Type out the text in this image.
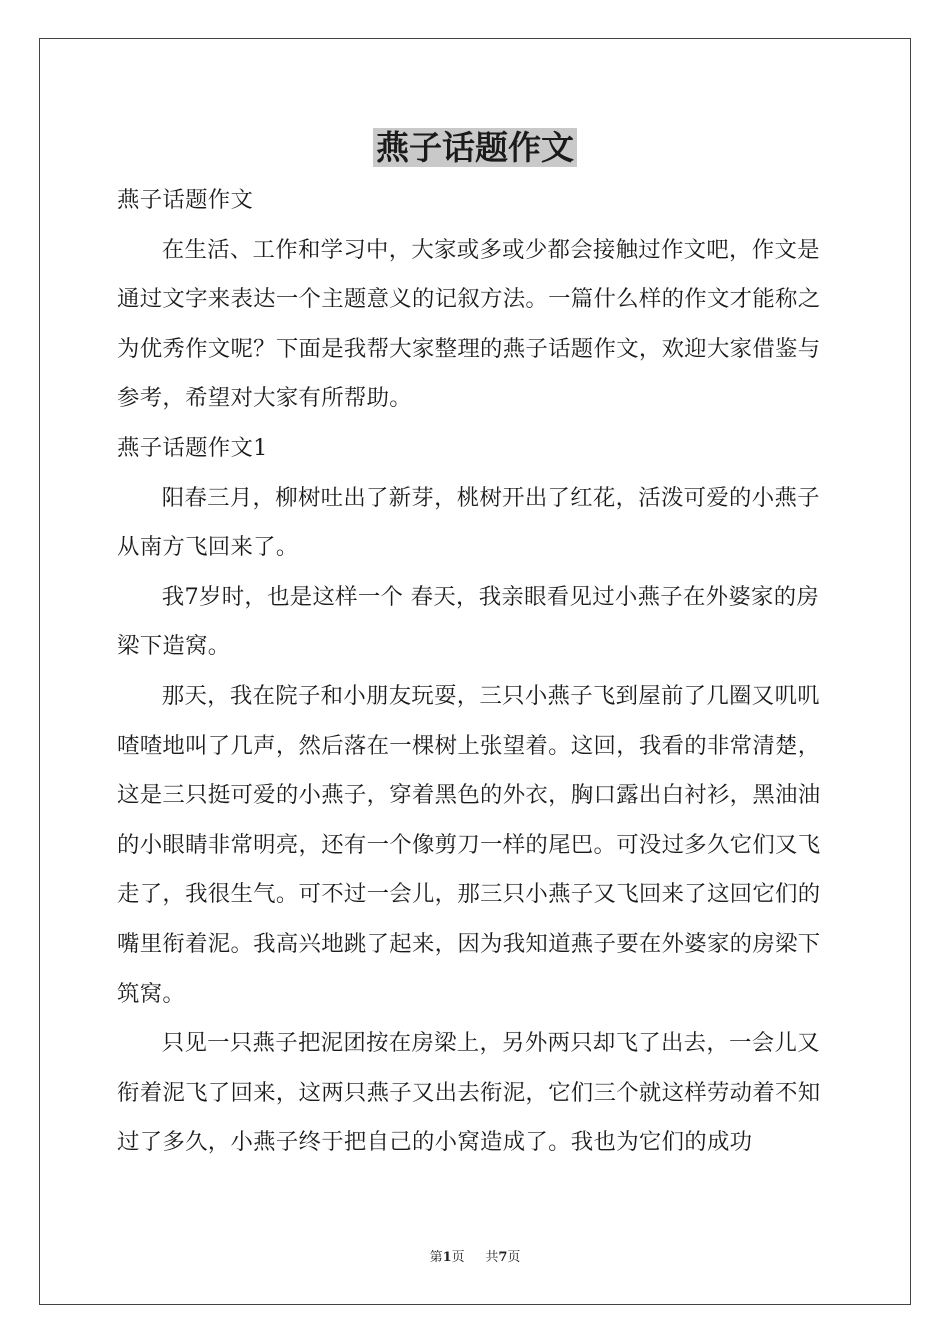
燕子话题作文

燕子话题作文

在生活、工作和学习中，大家或多或少都会接触过作文吧，作文是通过文字来表达一个主题意义的记叙方法。一篇什么样的作文才能称之为优秀作文呢？下面是我帮大家整理的燕子话题作文，欢迎大家借鉴与参考，希望对大家有所帮助。

燕子话题作文1

阳春三月，柳树吐出了新芽，桃树开出了红花，活泼可爱的小燕子从南方飞回来了。

我7岁时，也是这样一个 春天，我亲眼看见过小燕子在外婆家的房梁下造窝。

那天，我在院子和小朋友玩耍，三只小燕子飞到屋前了几圈又叽叽喳喳地叫了几声，然后落在一棵树上张望着。这回，我看的非常清楚，这是三只挺可爱的小燕子，穿着黑色的外衣，胸口露出白衬衫，黑油油的小眼睛非常明亮，还有一个像剪刀一样的尾巴。可没过多久它们又飞走了，我很生气。可不过一会儿，那三只小燕子又飞回来了这回它们的嘴里衔着泥。我高兴地跳了起来，因为我知道燕子要在外婆家的房梁下筑窝。

只见一只燕子把泥团按在房梁上，另外两只却飞了出去，一会儿又衔着泥飞了回来，这两只燕子又出去衔泥，它们三个就这样劳动着不知过了多久，小燕子终于把自己的小窝造成了。我也为它们的成功

第1页 共7页
